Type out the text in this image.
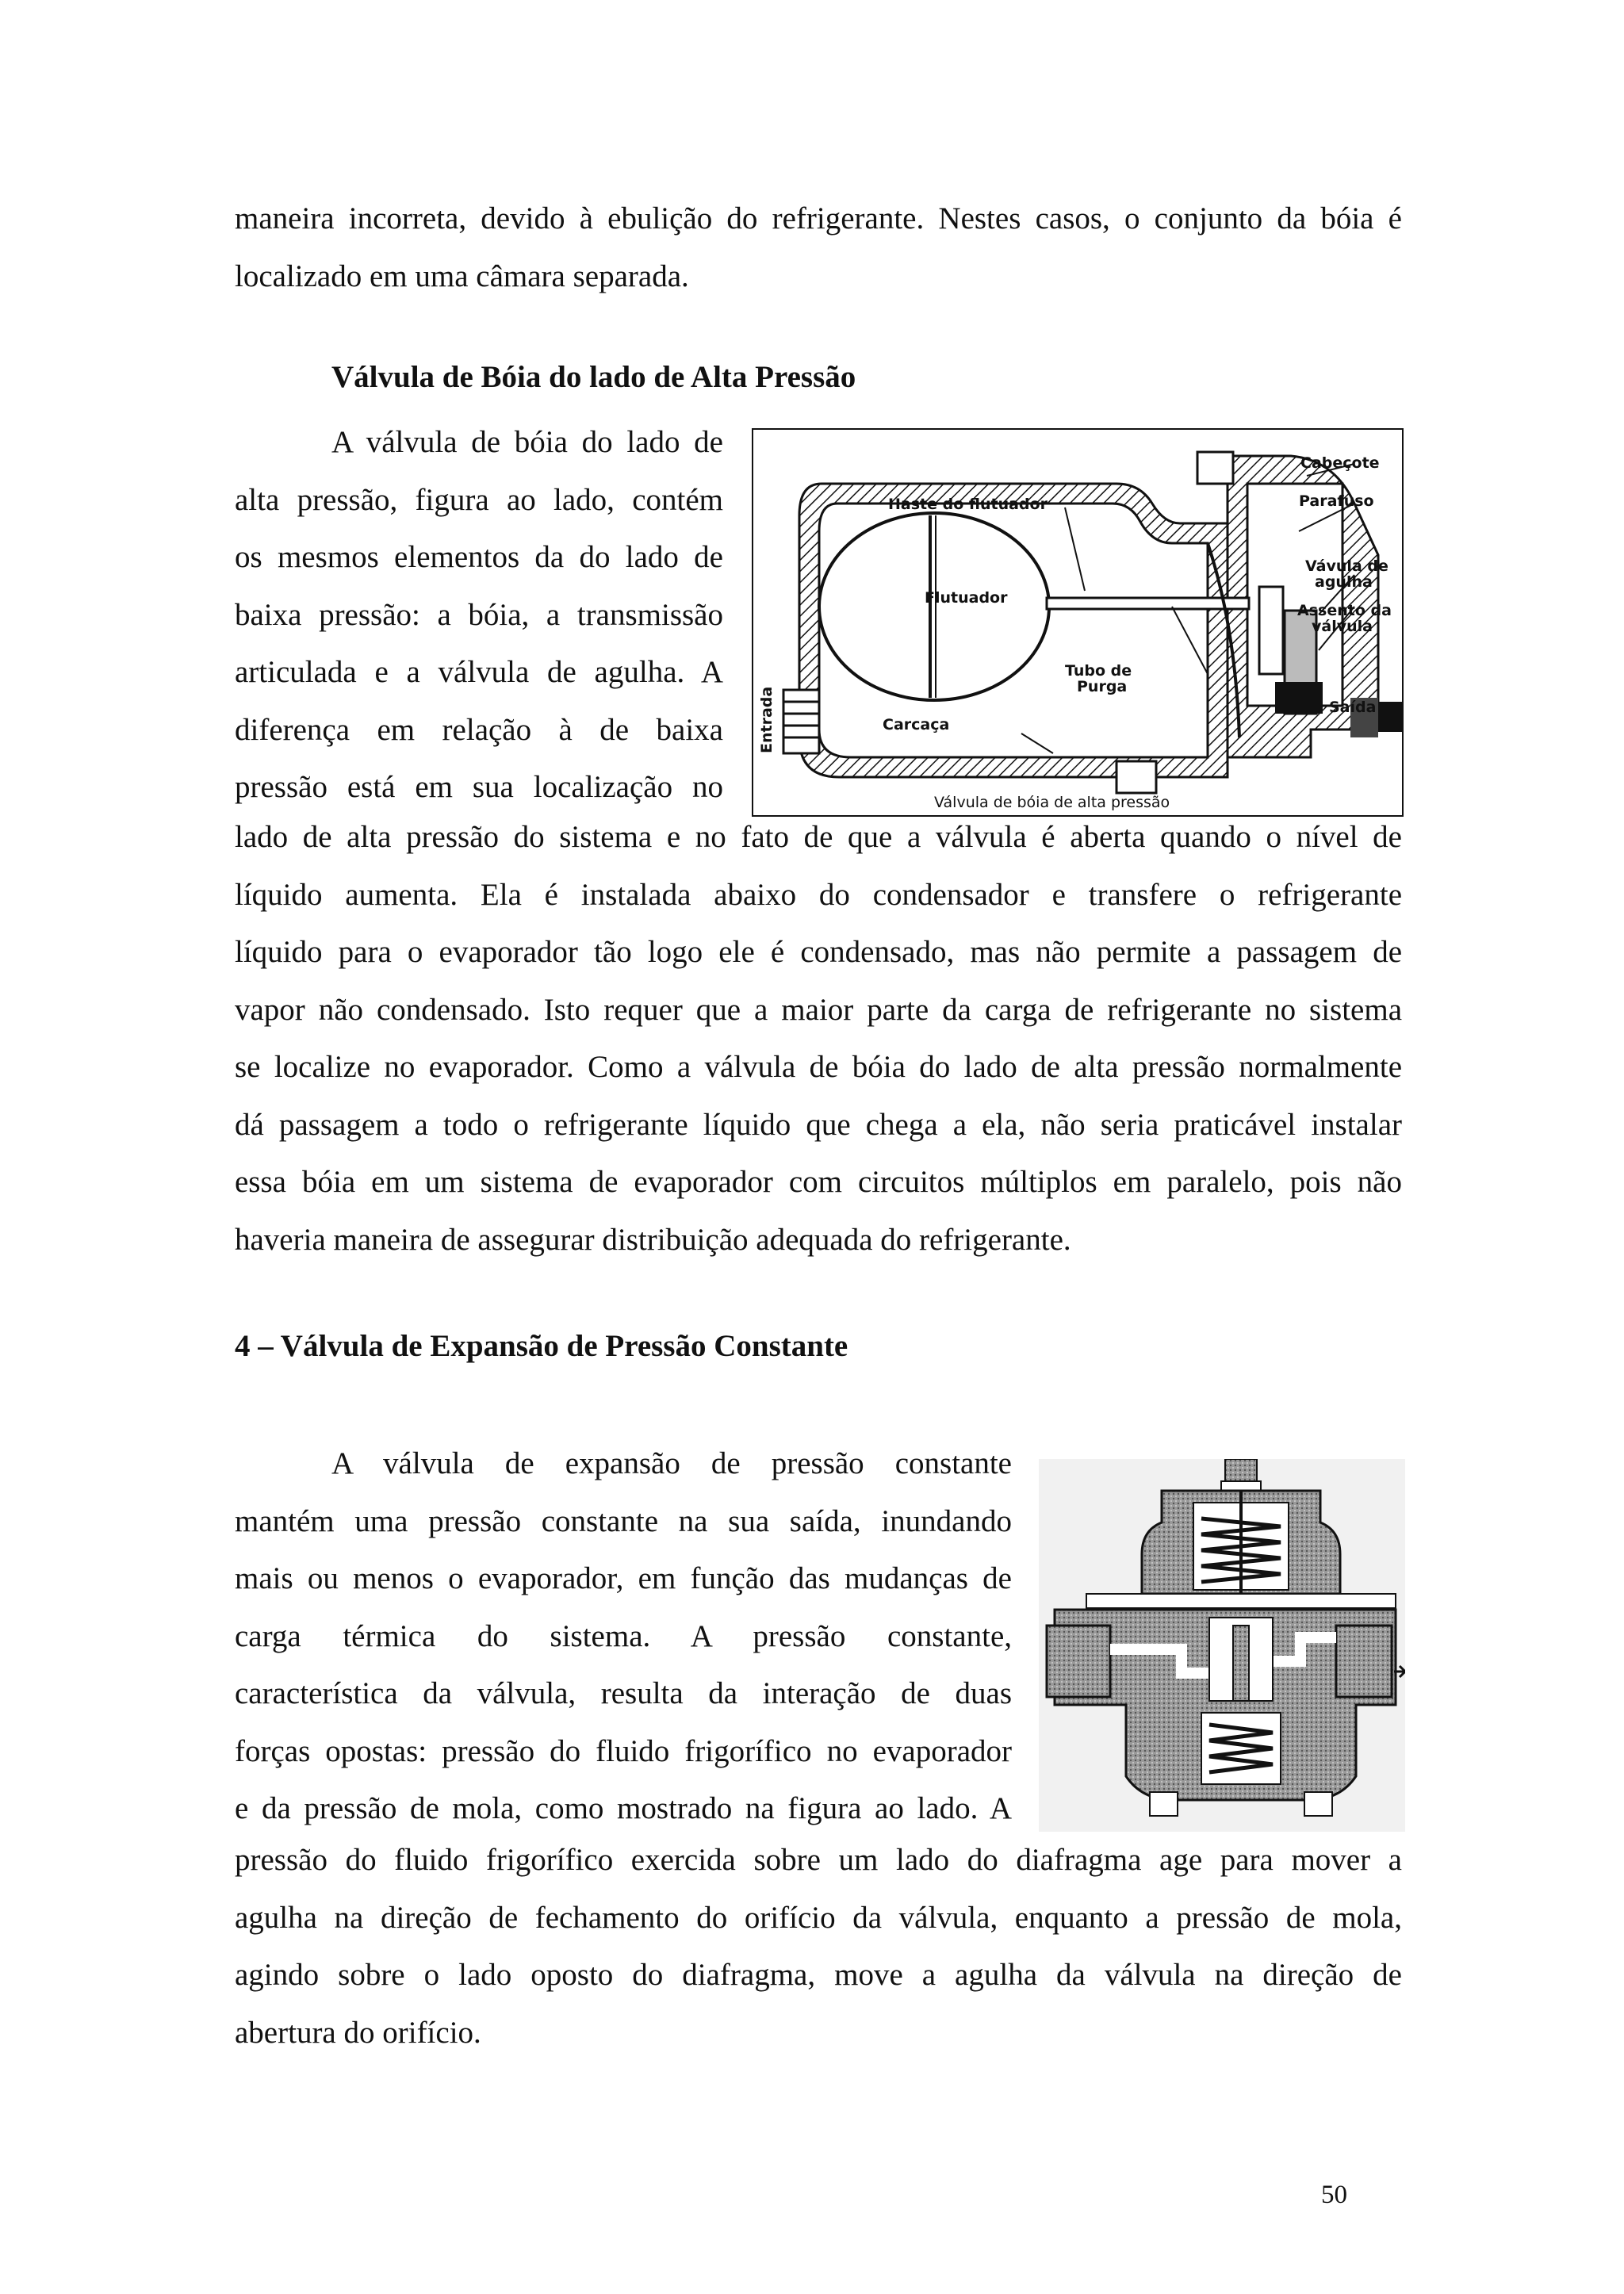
maneira incorreta, devido à ebulição do refrigerante. Nestes casos, o conjunto da bóia é
localizado em uma câmara separada.
Válvula de Bóia do lado de Alta Pressão
A válvula de bóia do lado de
alta pressão, figura ao lado, contém
os mesmos elementos da do lado de
baixa pressão: a bóia, a transmissão
articulada e a válvula de agulha. A
diferença em relação à de baixa
pressão está em sua localização no
Haste do flutuador
Flutuador
Cabeçote
Parafuso
Vávula de
agulha
Assento da
válvula
Tubo de
Purga
Saída
Carcaça
Entrada
Válvula de bóia de alta pressão
lado de alta pressão do sistema e no fato de que a válvula é aberta quando o nível de
líquido aumenta. Ela é instalada abaixo do condensador e transfere o refrigerante
líquido para o evaporador tão logo ele é condensado, mas não permite a passagem de
vapor não condensado. Isto requer que a maior parte da carga de refrigerante no sistema
se localize no evaporador. Como a válvula de bóia do lado de alta pressão normalmente
dá passagem a todo o refrigerante líquido que chega a ela, não seria praticável instalar
essa bóia em um sistema de evaporador com circuitos múltiplos em paralelo, pois não
haveria maneira de assegurar distribuição adequada do refrigerante.
4 – Válvula de Expansão de Pressão Constante
A válvula de expansão de pressão constante
mantém uma pressão constante na sua saída, inundando
mais ou menos o evaporador, em função das mudanças de
carga térmica do sistema. A pressão constante,
característica da válvula, resulta da interação de duas
forças opostas: pressão do fluido frigorífico no evaporador
e da pressão de mola, como mostrado na figura ao lado. A
pressão do fluido frigorífico exercida sobre um lado do diafragma age para mover a
agulha na direção de fechamento do orifício da válvula, enquanto a pressão de mola,
agindo sobre o lado oposto do diafragma, move a agulha da válvula na direção de
abertura do orifício.
50
